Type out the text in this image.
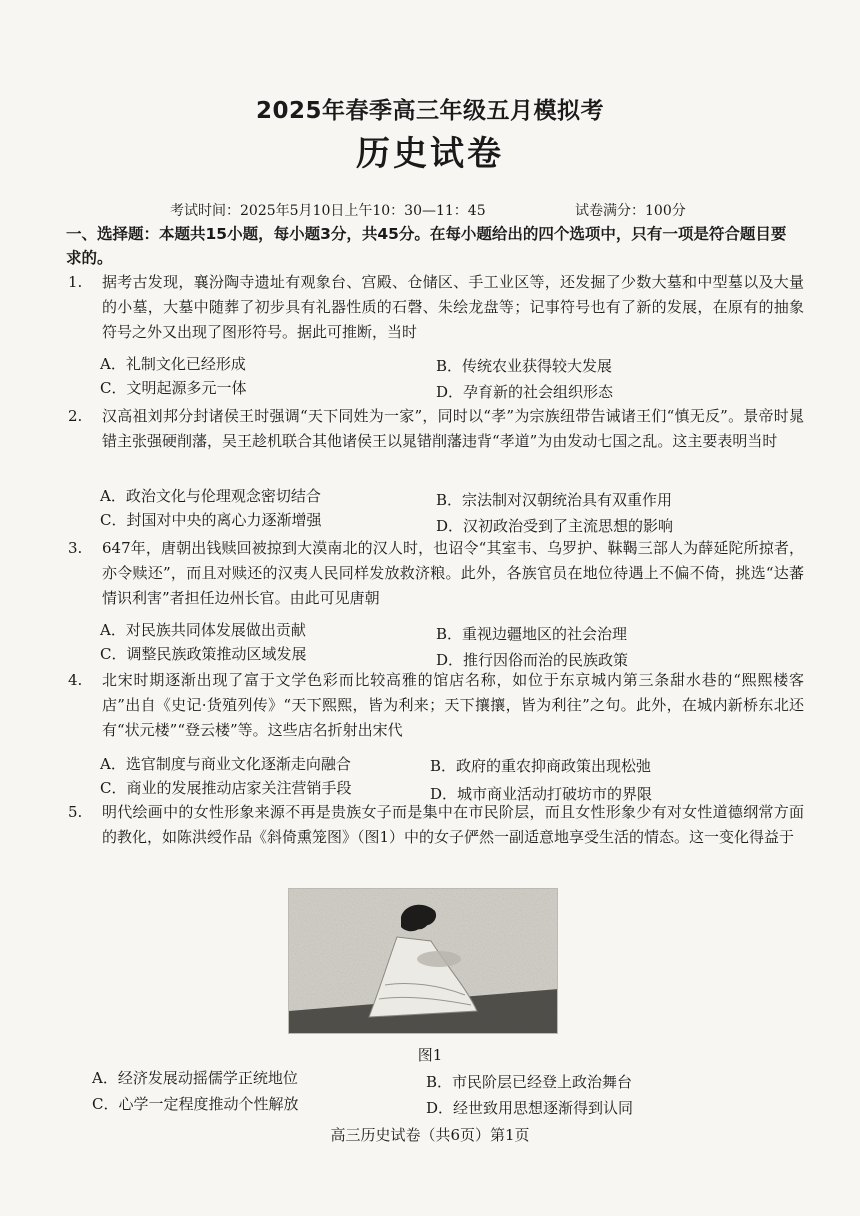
2025年春季高三年级五月模拟考
历史试卷
考试时间：2025年5月10日上午10：30—11：45	试卷满分：100分
一、选择题：本题共15小题，每小题3分，共45分。在每小题给出的四个选项中，只有一项是符合题目要求的。
1. 据考古发现，襄汾陶寺遗址有观象台、宫殿、仓储区、手工业区等，还发掘了少数大墓和中型墓以及大量的小墓，大墓中随葬了初步具有礼器性质的石磬、朱绘龙盘等；记事符号也有了新的发展，在原有的抽象符号之外又出现了图形符号。据此可推断，当时
A．礼制文化已经形成	B．传统农业获得较大发展
C．文明起源多元一体	D．孕育新的社会组织形态
2. 汉高祖刘邦分封诸侯王时强调“天下同姓为一家”，同时以“孝”为宗族纽带告诫诸王们“慎无反”。景帝时晁错主张强硬削藩，吴王趁机联合其他诸侯王以晁错削藩违背“孝道”为由发动七国之乱。这主要表明当时
A．政治文化与伦理观念密切结合	B．宗法制对汉朝统治具有双重作用
C．封国对中央的离心力逐渐增强	D．汉初政治受到了主流思想的影响
3. 647年，唐朝出钱赎回被掠到大漠南北的汉人时，也诏令“其室韦、乌罗护、靺鞨三部人为薛延陀所掠者，亦令赎还”，而且对赎还的汉夷人民同样发放救济粮。此外，各族官员在地位待遇上不偏不倚，挑选“达蕃情识利害”者担任边州长官。由此可见唐朝
A．对民族共同体发展做出贡献	B．重视边疆地区的社会治理
C．调整民族政策推动区域发展	D．推行因俗而治的民族政策
4. 北宋时期逐渐出现了富于文学色彩而比较高雅的馆店名称，如位于东京城内第三条甜水巷的“熙熙楼客店”出自《史记·货殖列传》“天下熙熙，皆为利来；天下攘攘，皆为利往”之句。此外，在城内新桥东北还有“状元楼”“登云楼”等。这些店名折射出宋代
A．选官制度与商业文化逐渐走向融合	B．政府的重农抑商政策出现松弛
C．商业的发展推动店家关注营销手段	D．城市商业活动打破坊市的界限
5. 明代绘画中的女性形象来源不再是贵族女子而是集中在市民阶层，而且女性形象少有对女性道德纲常方面的教化，如陈洪绶作品《斜倚熏笼图》（图1）中的女子俨然一副适意地享受生活的情态。这一变化得益于
图1
A．经济发展动摇儒学正统地位	B．市民阶层已经登上政治舞台
C．心学一定程度推动个性解放	D．经世致用思想逐渐得到认同
高三历史试卷（共6页）第1页
